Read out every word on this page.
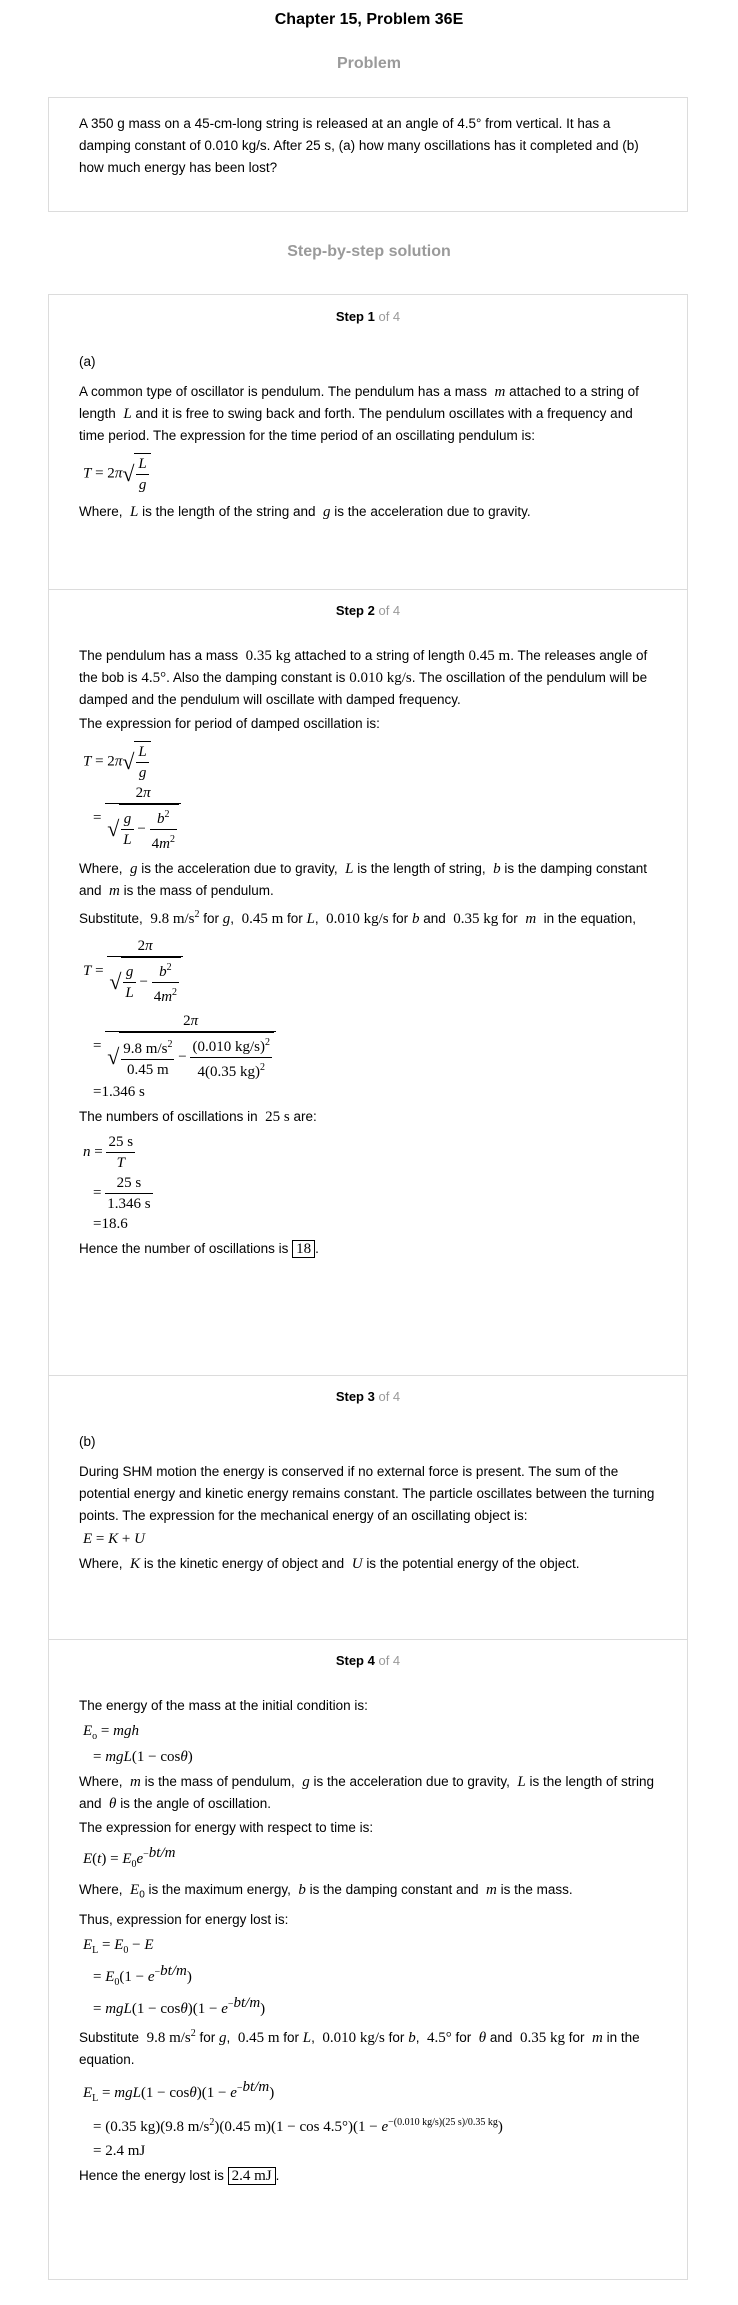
Chapter 15, Problem 36E
Problem

A 350 g mass on a 45-cm-long string is released at an angle of 4.5° from vertical. It has a damping constant of 0.010 kg/s. After 25 s, (a) how many oscillations has it completed and (b) how much energy has been lost?

Step-by-step solution
Step 1 of 4

(a)

A common type of oscillator is pendulum. The pendulum has a mass m attached to a string of length L and it is free to swing back and forth. The pendulum oscillates with a frequency and time period. The expression for the time period of an oscillating pendulum is:

$T = 2\pi√ \frac{L}{g}$

Where, L is the length of the string and g is the acceleration due to gravity.

Step 2 of 4

The pendulum has a mass 0.35 kg attached to a string of length 0.45 m. The releases angle of the bob is 4.5°. Also the damping constant is 0.010 kg/s. The oscillation of the pendulum will be damped and the pendulum will oscillate with damped frequency.

The expression for period of damped oscillation is:

$T = 2\pi√ \frac{L}{g}$
= $\frac{2\pi}{√ \frac{g}{L} - \frac{b^2}{4m^2}}$

Where, g is the acceleration due to gravity, L is the length of string, b is the damping constant and m is the mass of pendulum.

Substitute, 9.8 $m/s^2$ for g,  0.45 m for L,  0.010 kg/s for b and 0.35 kg for m in the equation,

$T = \frac{2\pi}{√ \frac{g}{L} - \frac{b^2}{4m^2}}$
= $\frac{2\pi}{√ \frac{9.8 m/s^2}{0.45 m} - \frac{(0.010 kg/s)^2}{4(0.35 kg)^2}}$
=1.346 s

The numbers of oscillations in 25 s are:

$n = \frac{25 s}{T}$
= $\frac{25 s}{1.346 s}$
=18.6

Hence the number of oscillations is 18 .

Step 3 of 4

(b)

During SHM motion the energy is conserved if no external force is present. The sum of the potential energy and kinetic energy remains constant. The particle oscillates between the turning points. The expression for the mechanical energy of an oscillating object is:

E = K + U

Where, K is the kinetic energy of object and U is the potential energy of the object.

Step 4 of 4

The energy of the mass at the initial condition is:

$E_o$ = mgh
= mgL(1 − cosθ)

Where, m is the mass of pendulum, g is the acceleration due to gravity, L is the length of string and θ is the angle of oscillation.

The expression for energy with respect to time is:

$E(t) = E_0e^{-bt/m}$

Where, $E_0$ is the maximum energy, b is the damping constant and m is the mass.

Thus, expression for energy lost is:

$E_L = E_0 - E$
= $E_0(1 - e^{-bt/m})$
= $mgL(1 - \cos\theta)(1 - e^{-bt/m})$

Substitute 9.8 $m/s^2$ for g,  0.45 m for L,  0.010 kg/s for b,  4.5° for θ and 0.35 kg for m in the equation.

$E_L = mgL(1 - \cos\theta)(1 - e^{-bt/m})$
= (0.35 kg)(9.8 $m/s^2)(0.45$ $m)(1 - \cos 4.5^\circ)(1 - e^{-(0.010 kg/s)(25 s)/0.35 kg})$
= 2.4 mJ

Hence the energy lost is 2.4 mJ .
